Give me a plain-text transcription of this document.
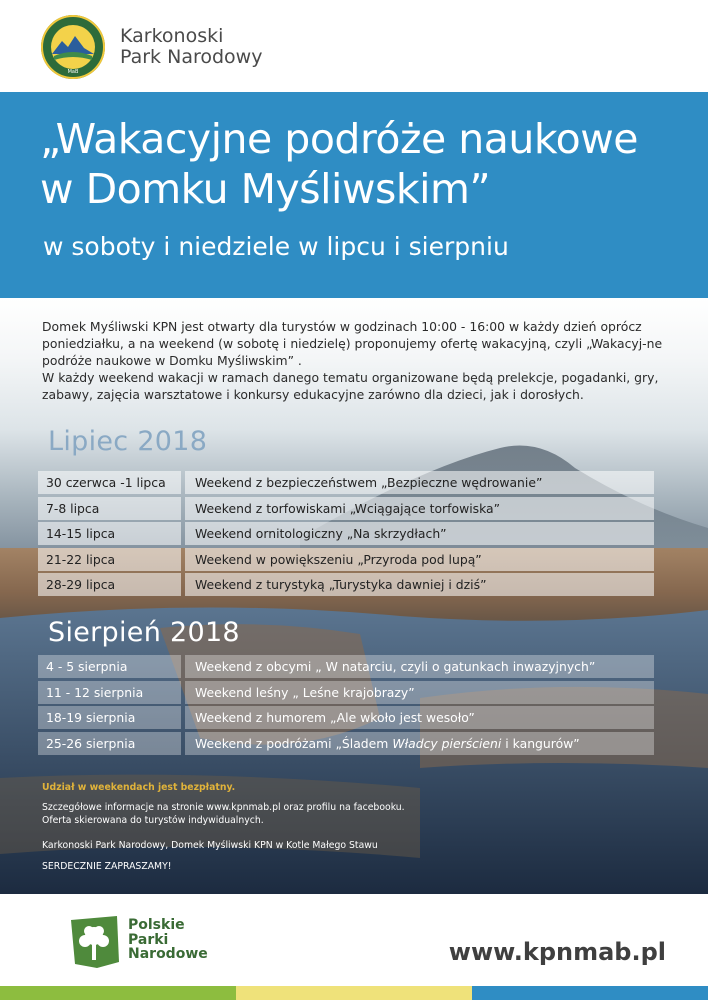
MaB
Karkonoski
Park Narodowy
„Wakacyjne podróże naukowe
w Domku Myśliwskim”
w soboty i niedziele w lipcu i sierpniu
Domek Myśliwski KPN jest otwarty dla turystów w godzinach 10:00 - 16:00 w każdy dzień oprócz poniedziałku, a na weekend (w sobotę i niedzielę) proponujemy ofertę wakacyjną, czyli „Wakacyj-ne podróże naukowe w Domku Myśliwskim” .
W każdy weekend wakacji w ramach danego tematu organizowane będą prelekcje, pogadanki, gry, zabawy, zajęcia warsztatowe i konkursy edukacyjne zarówno dla dzieci, jak i dorosłych.
Lipiec 2018
30 czerwca -1 lipca	Weekend z bezpieczeństwem „Bezpieczne wędrowanie”
7-8 lipca	Weekend z torfowiskami „Wciągające torfowiska”
14-15 lipca	Weekend ornitologiczny „Na skrzydłach”
21-22 lipca	Weekend w powiększeniu „Przyroda pod lupą”
28-29 lipca	Weekend z turystyką „Turystyka dawniej i dziś”
Sierpień 2018
4 - 5 sierpnia	Weekend z obcymi „ W natarciu, czyli o gatunkach inwazyjnych”
11 - 12 sierpnia	Weekend leśny „ Leśne krajobrazy”
18-19 sierpnia	Weekend z humorem „Ale wkoło jest wesoło”
25-26 sierpnia	Weekend z podróżami „Śladem Władcy pierścieni i kangurów”
Udział w weekendach jest bezpłatny.
Szczegółowe informacje na stronie www.kpnmab.pl oraz profilu na facebooku.
Oferta skierowana do turystów indywidualnych.
Karkonoski Park Narodowy, Domek Myśliwski KPN w Kotle Małego Stawu
SERDECZNIE ZAPRASZAMY!
Polskie
Parki
Narodowe	www.kpnmab.pl
